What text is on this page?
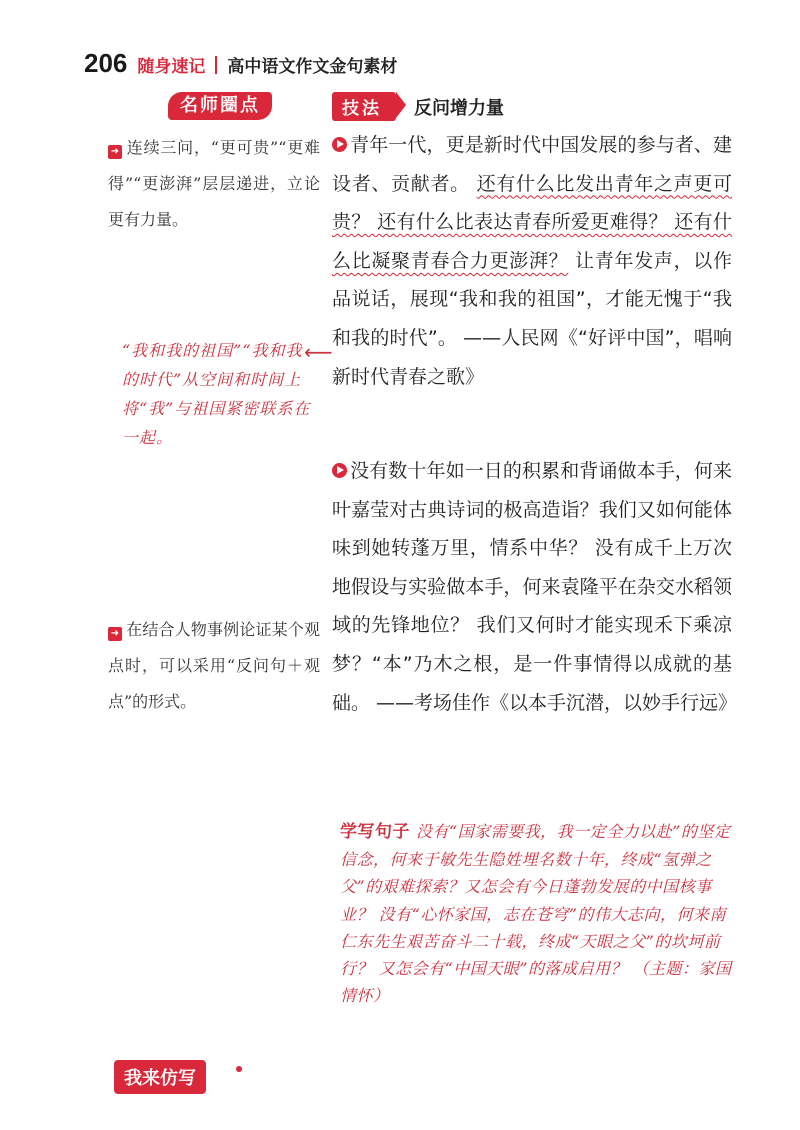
206 随身速记 高中语文作文金句素材
名师圈点
➜ 连续三问，“更可贵”“更难得”“更澎湃”层层递进，立论更有力量。
“我和我的祖国”“我和我的时代”从空间和时间上将“我”与祖国紧密联系在一起。
⟵
➜ 在结合人物事例论证某个观点时，可以采用“反问句＋观点”的形式。
技法	反问增力量
青年一代，更是新时代中国发展的参与者、建设者、贡献者。 还有什么比发出青年之声更可贵？ 还有什么比表达青春所爱更难得？ 还有什么比凝聚青春合力更澎湃？ 让青年发声，以作品说话，展现“我和我的祖国”，才能无愧于“我和我的时代”。 ——人民网《“好评中国”，唱响新时代青春之歌》
没有数十年如一日的积累和背诵做本手，何来叶嘉莹对古典诗词的极高造诣？我们又如何能体味到她转蓬万里，情系中华？ 没有成千上万次地假设与实验做本手，何来袁隆平在杂交水稻领域的先锋地位？ 我们又何时才能实现禾下乘凉梦？“本”乃木之根，是一件事情得以成就的基础。 ——考场佳作《以本手沉潜，以妙手行远》
学写句子 没有“国家需要我，我一定全力以赴”的坚定信念，何来于敏先生隐姓埋名数十年，终成“氢弹之父”的艰难探索？又怎会有今日蓬勃发展的中国核事业？ 没有“心怀家国，志在苍穹”的伟大志向，何来南仁东先生艰苦奋斗二十载，终成“天眼之父”的坎坷前行？ 又怎会有“中国天眼”的落成启用？ （主题：家国情怀）
我来仿写
